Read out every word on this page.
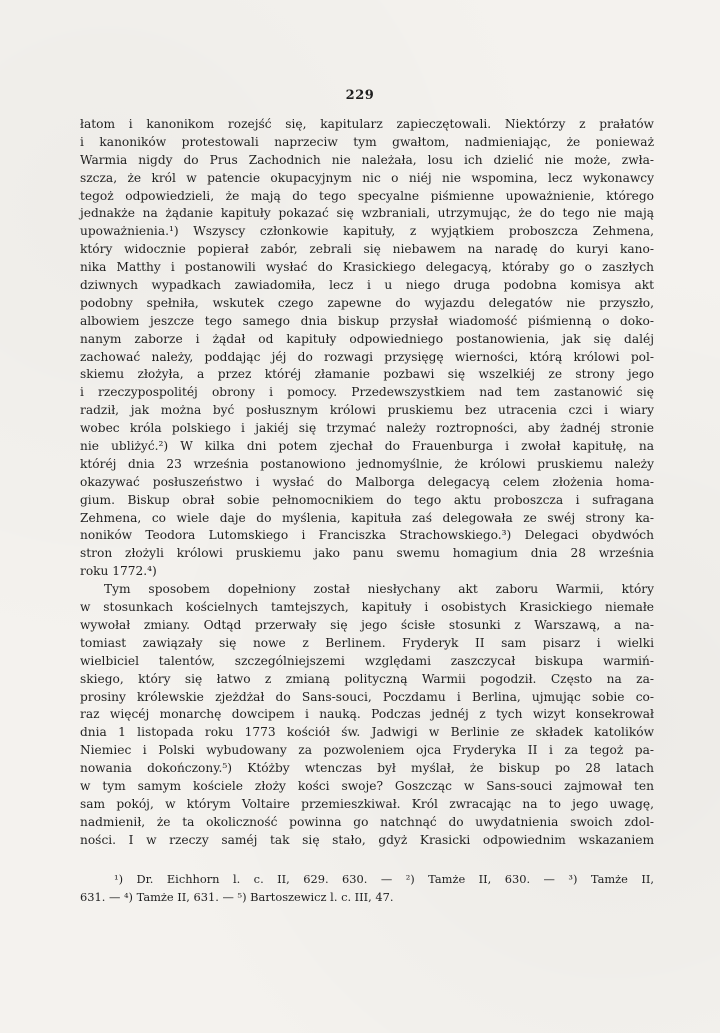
229
łatom i kanonikom rozejść się, kapitularz zapieczętowali. Niektórzy z prałatów
i kanoników protestowali naprzeciw tym gwałtom, nadmieniając, że ponieważ
Warmia nigdy do Prus Zachodnich nie należała, losu ich dzielić nie może, zwła-
szcza, że król w patencie okupacyjnym nic o niéj nie wspomina, lecz wykonawcy
tegoż odpowiedzieli, że mają do tego specyalne piśmienne upoważnienie, którego
jednakże na żądanie kapituły pokazać się wzbraniali, utrzymując, że do tego nie mają
upoważnienia.¹) Wszyscy członkowie kapituły, z wyjątkiem proboszcza Zehmena,
który widocznie popierał zabór, zebrali się niebawem na naradę do kuryi kano-
nika Matthy i postanowili wysłać do Krasickiego delegacyą, któraby go o zaszłych
dziwnych wypadkach zawiadomiła, lecz i u niego druga podobna komisya akt
podobny spełniła, wskutek czego zapewne do wyjazdu delegatów nie przyszło,
albowiem jeszcze tego samego dnia biskup przysłał wiadomość piśmienną o doko-
nanym zaborze i żądał od kapituły odpowiedniego postanowienia, jak się daléj
zachować należy, poddając jéj do rozwagi przysięgę wierności, którą królowi pol-
skiemu złożyła, a przez któréj złamanie pozbawi się wszelkiéj ze strony jego
i rzeczypospolitéj obrony i pomocy. Przedewszystkiem nad tem zastanowić się
radził, jak można być posłusznym królowi pruskiemu bez utracenia czci i wiary
wobec króla polskiego i jakiéj się trzymać należy roztropności, aby żadnéj stronie
nie ubliżyć.²) W kilka dni potem zjechał do Frauenburga i zwołał kapitułę, na
któréj dnia 23 września postanowiono jednomyślnie, że królowi pruskiemu należy
okazywać posłuszeństwo i wysłać do Malborga delegacyą celem złożenia homa-
gium. Biskup obrał sobie pełnomocnikiem do tego aktu proboszcza i sufragana
Zehmena, co wiele daje do myślenia, kapituła zaś delegowała ze swéj strony ka-
noników Teodora Lutomskiego i Franciszka Strachowskiego.³) Delegaci obydwóch
stron złożyli królowi pruskiemu jako panu swemu homagium dnia 28 września
roku 1772.⁴)
Tym sposobem dopełniony został niesłychany akt zaboru Warmii, który
w stosunkach kościelnych tamtejszych, kapituły i osobistych Krasickiego niemałe
wywołał zmiany. Odtąd przerwały się jego ścisłe stosunki z Warszawą, a na-
tomiast zawiązały się nowe z Berlinem. Fryderyk II sam pisarz i wielki
wielbiciel talentów, szczególniejszemi względami zaszczycał biskupa warmiń-
skiego, który się łatwo z zmianą polityczną Warmii pogodził. Często na za-
prosiny królewskie zjeżdżał do Sans-souci, Poczdamu i Berlina, ujmując sobie co-
raz więcéj monarchę dowcipem i nauką. Podczas jednéj z tych wizyt konsekrował
dnia 1 listopada roku 1773 kościół św. Jadwigi w Berlinie ze składek katolików
Niemiec i Polski wybudowany za pozwoleniem ojca Fryderyka II i za tegoż pa-
nowania dokończony.⁵) Któżby wtenczas był myślał, że biskup po 28 latach
w tym samym kościele złoży kości swoje? Goszcząc w Sans-souci zajmował ten
sam pokój, w którym Voltaire przemieszkiwał. Król zwracając na to jego uwagę,
nadmienił, że ta okoliczność powinna go natchnąć do uwydatnienia swoich zdol-
ności. I w rzeczy saméj tak się stało, gdyż Krasicki odpowiednim wskazaniem
¹) Dr. Eichhorn l. c. II, 629. 630. — ²) Tamże II, 630. — ³) Tamże II,
631. — ⁴) Tamże II, 631. — ⁵) Bartoszewicz l. c. III, 47.
